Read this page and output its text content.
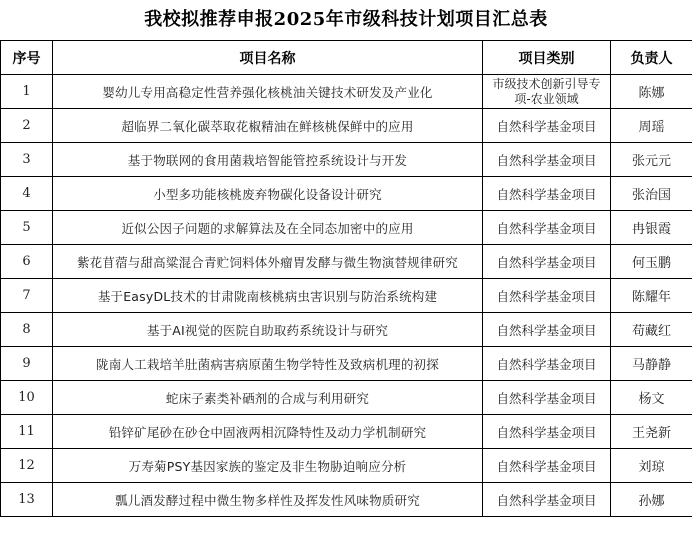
我校拟推荐申报2025年市级科技计划项目汇总表
序号	项目名称	项目类别	负责人
1	婴幼儿专用高稳定性营养强化核桃油关键技术研发及产业化	市级技术创新引导专项-农业领域	陈娜
2	超临界二氧化碳萃取花椒精油在鲜核桃保鲜中的应用	自然科学基金项目	周瑶
3	基于物联网的食用菌栽培智能管控系统设计与开发	自然科学基金项目	张元元
4	小型多功能核桃废弃物碳化设备设计研究	自然科学基金项目	张治国
5	近似公因子问题的求解算法及在全同态加密中的应用	自然科学基金项目	冉银霞
6	紫花苜蓿与甜高粱混合青贮饲料体外瘤胃发酵与微生物演替规律研究	自然科学基金项目	何玉鹏
7	基于EasyDL技术的甘肃陇南核桃病虫害识别与防治系统构建	自然科学基金项目	陈耀年
8	基于AI视觉的医院自助取药系统设计与研究	自然科学基金项目	苟藏红
9	陇南人工栽培羊肚菌病害病原菌生物学特性及致病机理的初探	自然科学基金项目	马静静
10	蛇床子素类补硒剂的合成与利用研究	自然科学基金项目	杨文
11	铅锌矿尾砂在砂仓中固液两相沉降特性及动力学机制研究	自然科学基金项目	王尧新
12	万寿菊PSY基因家族的鉴定及非生物胁迫响应分析	自然科学基金项目	刘琼
13	瓢儿酒发酵过程中微生物多样性及挥发性风味物质研究	自然科学基金项目	孙娜
